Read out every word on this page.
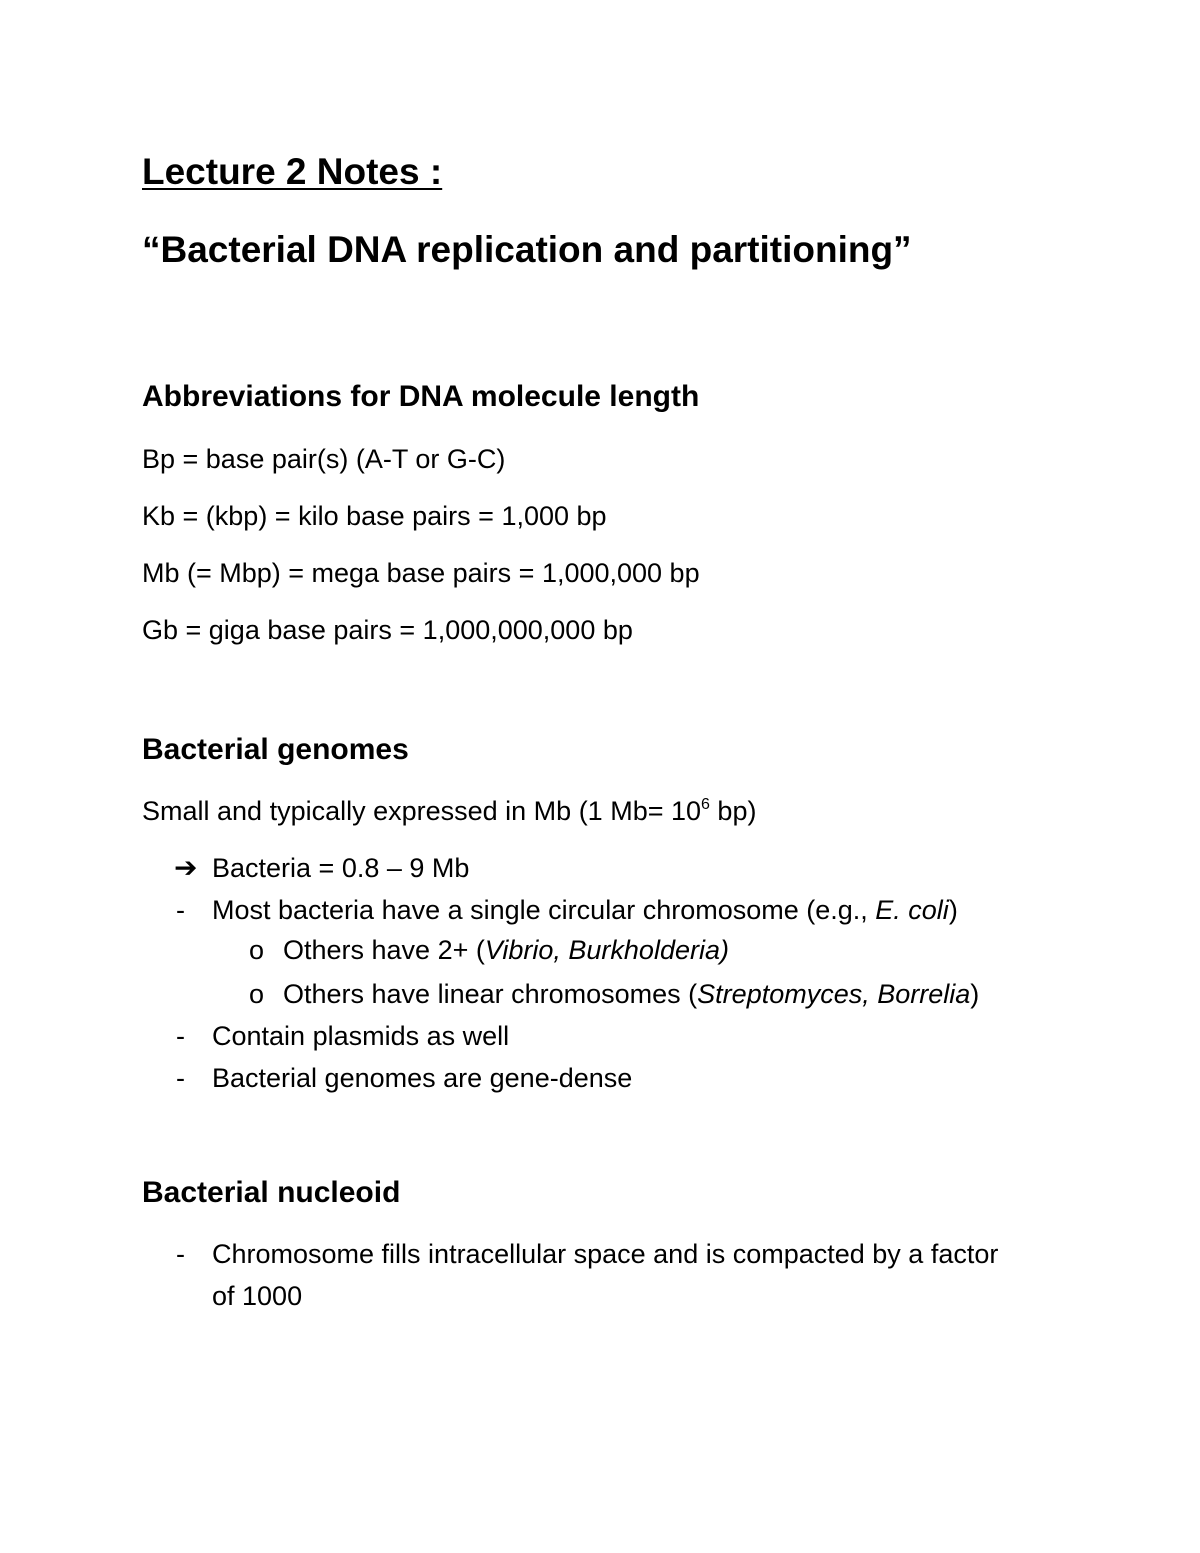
Lecture 2 Notes :
“Bacterial DNA replication and partitioning”
Abbreviations for DNA molecule length
Bp = base pair(s) (A-T or G-C)
Kb = (kbp) = kilo base pairs = 1,000 bp
Mb (= Mbp) = mega base pairs = 1,000,000 bp
Gb = giga base pairs = 1,000,000,000 bp
Bacterial genomes
Small and typically expressed in Mb (1 $Mb= 10^6$ bp)
➔ Bacteria = 0.8 – 9 Mb
- Most bacteria have a single circular chromosome (e.g., E. coli)
o Others have 2+ (Vibrio, Burkholderia)
o Others have linear chromosomes (Streptomyces, Borrelia)
- Contain plasmids as well
- Bacterial genomes are gene-dense
Bacterial nucleoid
- Chromosome fills intracellular space and is compacted by a factor
of 1000
